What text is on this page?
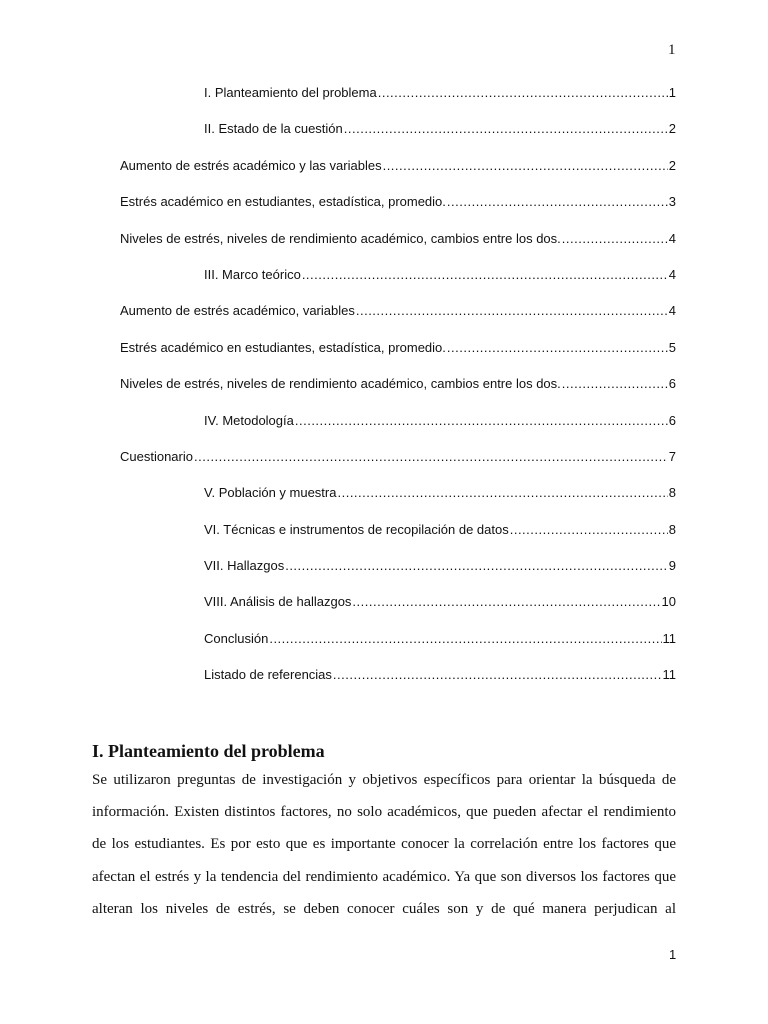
1
I. Planteamiento del problema .....	1
II. Estado de la cuestión .....	2
Aumento de estrés académico y las variables .....	2
Estrés académico en estudiantes, estadística, promedio. .....	3
Niveles de estrés, niveles de rendimiento académico, cambios entre los dos. .....	4
III. Marco teórico .....	4
Aumento de estrés académico, variables .....	4
Estrés académico en estudiantes, estadística, promedio. .....	5
Niveles de estrés, niveles de rendimiento académico, cambios entre los dos. .....	6
IV. Metodología .....	6
Cuestionario .....	7
V. Población y muestra .....	8
VI. Técnicas e instrumentos de recopilación de datos .....	8
VII. Hallazgos .....	9
VIII. Análisis de hallazgos .....	10
Conclusión .....	11
Listado de referencias .....	11
I. Planteamiento del problema

Se utilizaron preguntas de investigación y objetivos específicos para orientar la búsqueda de información. Existen distintos factores, no solo académicos, que pueden afectar el rendimiento de los estudiantes. Es por esto que es importante conocer la correlación entre los factores que afectan el estrés y la tendencia del rendimiento académico. Ya que son diversos los factores que alteran los niveles de estrés, se deben conocer cuáles son y de qué manera perjudican al

1
